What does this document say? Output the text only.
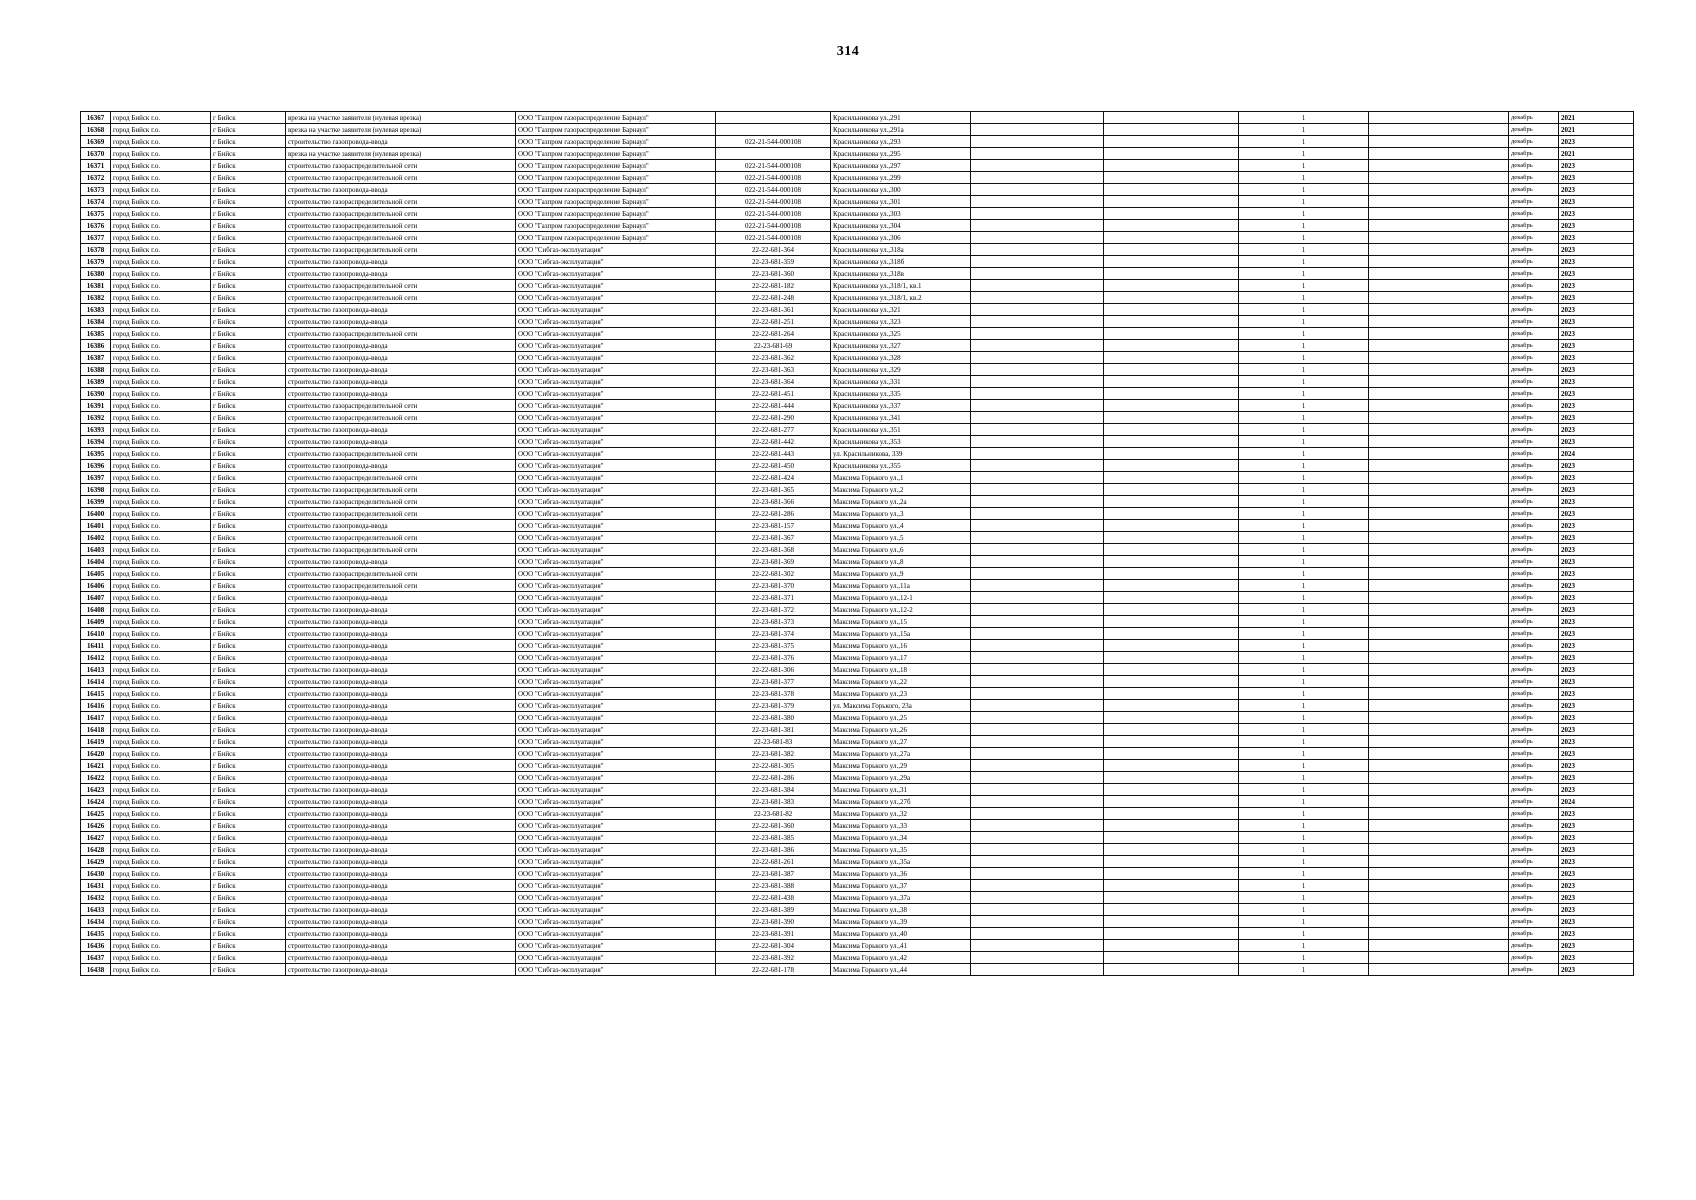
314
16367	город Бийск г.о.	г Бийск	врезка на участке заявителя (нулевая врезка)	ООО "Газпром газораспределение Барнаул"		Красильникова ул.,291			1		декабрь	2021
16368	город Бийск г.о.	г Бийск	врезка на участке заявителя (нулевая врезка)	ООО "Газпром газораспределение Барнаул"		Красильникова ул.,291а			1		декабрь	2021
16369	город Бийск г.о.	г Бийск	строительство газопровода-ввода	ООО "Газпром газораспределение Барнаул"	022-21-544-000108	Красильникова ул.,293			1		декабрь	2023
16370	город Бийск г.о.	г Бийск	врезка на участке заявителя (нулевая врезка)	ООО "Газпром газораспределение Барнаул"		Красильникова ул.,295			1		декабрь	2021
16371	город Бийск г.о.	г Бийск	строительство газораспределительной сети	ООО "Газпром газораспределение Барнаул"	022-21-544-000108	Красильникова ул.,297			1		декабрь	2023
16372	город Бийск г.о.	г Бийск	строительство газораспределительной сети	ООО "Газпром газораспределение Барнаул"	022-21-544-000108	Красильникова ул.,299			1		декабрь	2023
16373	город Бийск г.о.	г Бийск	строительство газопровода-ввода	ООО "Газпром газораспределение Барнаул"	022-21-544-000108	Красильникова ул.,300			1		декабрь	2023
16374	город Бийск г.о.	г Бийск	строительство газораспределительной сети	ООО "Газпром газораспределение Барнаул"	022-21-544-000108	Красильникова ул.,301			1		декабрь	2023
16375	город Бийск г.о.	г Бийск	строительство газораспределительной сети	ООО "Газпром газораспределение Барнаул"	022-21-544-000108	Красильникова ул.,303			1		декабрь	2023
16376	город Бийск г.о.	г Бийск	строительство газораспределительной сети	ООО "Газпром газораспределение Барнаул"	022-21-544-000108	Красильникова ул.,304			1		декабрь	2023
16377	город Бийск г.о.	г Бийск	строительство газораспределительной сети	ООО "Газпром газораспределение Барнаул"	022-21-544-000108	Красильникова ул.,306			1		декабрь	2023
16378	город Бийск г.о.	г Бийск	строительство газораспределительной сети	ООО "Сибгаз-эксплуатация"	22-22-681-364	Красильникова ул.,318а			1		декабрь	2023
16379	город Бийск г.о.	г Бийск	строительство газопровода-ввода	ООО "Сибгаз-эксплуатация"	22-23-681-359	Красильникова ул.,318б			1		декабрь	2023
16380	город Бийск г.о.	г Бийск	строительство газопровода-ввода	ООО "Сибгаз-эксплуатация"	22-23-681-360	Красильникова ул.,318в			1		декабрь	2023
16381	город Бийск г.о.	г Бийск	строительство газораспределительной сети	ООО "Сибгаз-эксплуатация"	22-22-681-182	Красильникова ул.,318/1, кв.1			1		декабрь	2023
16382	город Бийск г.о.	г Бийск	строительство газораспределительной сети	ООО "Сибгаз-эксплуатация"	22-22-681-248	Красильникова ул.,318/1, кв.2			1		декабрь	2023
16383	город Бийск г.о.	г Бийск	строительство газопровода-ввода	ООО "Сибгаз-эксплуатация"	22-23-681-361	Красильникова ул.,321			1		декабрь	2023
16384	город Бийск г.о.	г Бийск	строительство газопровода-ввода	ООО "Сибгаз-эксплуатация"	22-22-681-251	Красильникова ул.,323			1		декабрь	2023
16385	город Бийск г.о.	г Бийск	строительство газораспределительной сети	ООО "Сибгаз-эксплуатация"	22-22-681-264	Красильникова ул.,325			1		декабрь	2023
16386	город Бийск г.о.	г Бийск	строительство газопровода-ввода	ООО "Сибгаз-эксплуатация"	22-23-681-69	Красильникова ул.,327			1		декабрь	2023
16387	город Бийск г.о.	г Бийск	строительство газопровода-ввода	ООО "Сибгаз-эксплуатация"	22-23-681-362	Красильникова ул.,328			1		декабрь	2023
16388	город Бийск г.о.	г Бийск	строительство газопровода-ввода	ООО "Сибгаз-эксплуатация"	22-23-681-363	Красильникова ул.,329			1		декабрь	2023
16389	город Бийск г.о.	г Бийск	строительство газопровода-ввода	ООО "Сибгаз-эксплуатация"	22-23-681-364	Красильникова ул.,331			1		декабрь	2023
16390	город Бийск г.о.	г Бийск	строительство газопровода-ввода	ООО "Сибгаз-эксплуатация"	22-22-681-451	Красильникова ул.,335			1		декабрь	2023
16391	город Бийск г.о.	г Бийск	строительство газораспределительной сети	ООО "Сибгаз-эксплуатация"	22-22-681-444	Красильникова ул.,337			1		декабрь	2023
16392	город Бийск г.о.	г Бийск	строительство газораспределительной сети	ООО "Сибгаз-эксплуатация"	22-22-681-290	Красильникова ул.,341			1		декабрь	2023
16393	город Бийск г.о.	г Бийск	строительство газопровода-ввода	ООО "Сибгаз-эксплуатация"	22-22-681-277	Красильникова ул.,351			1		декабрь	2023
16394	город Бийск г.о.	г Бийск	строительство газопровода-ввода	ООО "Сибгаз-эксплуатация"	22-22-681-442	Красильникова ул.,353			1		декабрь	2023
16395	город Бийск г.о.	г Бийск	строительство газораспределительной сети	ООО "Сибгаз-эксплуатация"	22-22-681-443	ул. Красильникова, 339			1		декабрь	2024
16396	город Бийск г.о.	г Бийск	строительство газопровода-ввода	ООО "Сибгаз-эксплуатация"	22-22-681-450	Красильникова ул.,355			1		декабрь	2023
16397	город Бийск г.о.	г Бийск	строительство газораспределительной сети	ООО "Сибгаз-эксплуатация"	22-22-681-424	Максима Горького ул.,1			1		декабрь	2023
16398	город Бийск г.о.	г Бийск	строительство газораспределительной сети	ООО "Сибгаз-эксплуатация"	22-23-681-365	Максима Горького ул.,2			1		декабрь	2023
16399	город Бийск г.о.	г Бийск	строительство газораспределительной сети	ООО "Сибгаз-эксплуатация"	22-23-681-366	Максима Горького ул.,2а			1		декабрь	2023
16400	город Бийск г.о.	г Бийск	строительство газораспределительной сети	ООО "Сибгаз-эксплуатация"	22-22-681-286	Максима Горького ул.,3			1		декабрь	2023
16401	город Бийск г.о.	г Бийск	строительство газопровода-ввода	ООО "Сибгаз-эксплуатация"	22-23-681-157	Максима Горького ул.,4			1		декабрь	2023
16402	город Бийск г.о.	г Бийск	строительство газораспределительной сети	ООО "Сибгаз-эксплуатация"	22-23-681-367	Максима Горького ул.,5			1		декабрь	2023
16403	город Бийск г.о.	г Бийск	строительство газораспределительной сети	ООО "Сибгаз-эксплуатация"	22-23-681-368	Максима Горького ул.,6			1		декабрь	2023
16404	город Бийск г.о.	г Бийск	строительство газопровода-ввода	ООО "Сибгаз-эксплуатация"	22-23-681-369	Максима Горького ул.,8			1		декабрь	2023
16405	город Бийск г.о.	г Бийск	строительство газораспределительной сети	ООО "Сибгаз-эксплуатация"	22-22-681-302	Максима Горького ул.,9			1		декабрь	2023
16406	город Бийск г.о.	г Бийск	строительство газораспределительной сети	ООО "Сибгаз-эксплуатация"	22-23-681-370	Максима Горького ул.,11а			1		декабрь	2023
16407	город Бийск г.о.	г Бийск	строительство газопровода-ввода	ООО "Сибгаз-эксплуатация"	22-23-681-371	Максима Горького ул.,12-1			1		декабрь	2023
16408	город Бийск г.о.	г Бийск	строительство газопровода-ввода	ООО "Сибгаз-эксплуатация"	22-23-681-372	Максима Горького ул.,12-2			1		декабрь	2023
16409	город Бийск г.о.	г Бийск	строительство газопровода-ввода	ООО "Сибгаз-эксплуатация"	22-23-681-373	Максима Горького ул.,15			1		декабрь	2023
16410	город Бийск г.о.	г Бийск	строительство газопровода-ввода	ООО "Сибгаз-эксплуатация"	22-23-681-374	Максима Горького ул.,15а			1		декабрь	2023
16411	город Бийск г.о.	г Бийск	строительство газопровода-ввода	ООО "Сибгаз-эксплуатация"	22-23-681-375	Максима Горького ул.,16			1		декабрь	2023
16412	город Бийск г.о.	г Бийск	строительство газопровода-ввода	ООО "Сибгаз-эксплуатация"	22-23-681-376	Максима Горького ул.,17			1		декабрь	2023
16413	город Бийск г.о.	г Бийск	строительство газопровода-ввода	ООО "Сибгаз-эксплуатация"	22-22-681-306	Максима Горького ул.,18			1		декабрь	2023
16414	город Бийск г.о.	г Бийск	строительство газопровода-ввода	ООО "Сибгаз-эксплуатация"	22-23-681-377	Максима Горького ул.,22			1		декабрь	2023
16415	город Бийск г.о.	г Бийск	строительство газопровода-ввода	ООО "Сибгаз-эксплуатация"	22-23-681-378	Максима Горького ул.,23			1		декабрь	2023
16416	город Бийск г.о.	г Бийск	строительство газопровода-ввода	ООО "Сибгаз-эксплуатация"	22-23-681-379	ул. Максима Горького, 23а			1		декабрь	2023
16417	город Бийск г.о.	г Бийск	строительство газопровода-ввода	ООО "Сибгаз-эксплуатация"	22-23-681-380	Максима Горького ул.,25			1		декабрь	2023
16418	город Бийск г.о.	г Бийск	строительство газопровода-ввода	ООО "Сибгаз-эксплуатация"	22-23-681-381	Максима Горького ул.,26			1		декабрь	2023
16419	город Бийск г.о.	г Бийск	строительство газопровода-ввода	ООО "Сибгаз-эксплуатация"	22-23-681-83	Максима Горького ул.,27			1		декабрь	2023
16420	город Бийск г.о.	г Бийск	строительство газопровода-ввода	ООО "Сибгаз-эксплуатация"	22-23-681-382	Максима Горького ул.,27а			1		декабрь	2023
16421	город Бийск г.о.	г Бийск	строительство газопровода-ввода	ООО "Сибгаз-эксплуатация"	22-22-681-305	Максима Горького ул.,29			1		декабрь	2023
16422	город Бийск г.о.	г Бийск	строительство газопровода-ввода	ООО "Сибгаз-эксплуатация"	22-22-681-286	Максима Горького ул.,29а			1		декабрь	2023
16423	город Бийск г.о.	г Бийск	строительство газопровода-ввода	ООО "Сибгаз-эксплуатация"	22-23-681-384	Максима Горького ул.,31			1		декабрь	2023
16424	город Бийск г.о.	г Бийск	строительство газопровода-ввода	ООО "Сибгаз-эксплуатация"	22-23-681-383	Максима Горького ул.,27б			1		декабрь	2024
16425	город Бийск г.о.	г Бийск	строительство газопровода-ввода	ООО "Сибгаз-эксплуатация"	22-23-681-82	Максима Горького ул.,32			1		декабрь	2023
16426	город Бийск г.о.	г Бийск	строительство газопровода-ввода	ООО "Сибгаз-эксплуатация"	22-22-681-360	Максима Горького ул.,33			1		декабрь	2023
16427	город Бийск г.о.	г Бийск	строительство газопровода-ввода	ООО "Сибгаз-эксплуатация"	22-23-681-385	Максима Горького ул.,34			1		декабрь	2023
16428	город Бийск г.о.	г Бийск	строительство газопровода-ввода	ООО "Сибгаз-эксплуатация"	22-23-681-386	Максима Горького ул.,35			1		декабрь	2023
16429	город Бийск г.о.	г Бийск	строительство газопровода-ввода	ООО "Сибгаз-эксплуатация"	22-22-681-261	Максима Горького ул.,35а			1		декабрь	2023
16430	город Бийск г.о.	г Бийск	строительство газопровода-ввода	ООО "Сибгаз-эксплуатация"	22-23-681-387	Максима Горького ул.,36			1		декабрь	2023
16431	город Бийск г.о.	г Бийск	строительство газопровода-ввода	ООО "Сибгаз-эксплуатация"	22-23-681-388	Максима Горького ул.,37			1		декабрь	2023
16432	город Бийск г.о.	г Бийск	строительство газопровода-ввода	ООО "Сибгаз-эксплуатация"	22-22-681-438	Максима Горького ул.,37а			1		декабрь	2023
16433	город Бийск г.о.	г Бийск	строительство газопровода-ввода	ООО "Сибгаз-эксплуатация"	22-23-681-389	Максима Горького ул.,38			1		декабрь	2023
16434	город Бийск г.о.	г Бийск	строительство газопровода-ввода	ООО "Сибгаз-эксплуатация"	22-23-681-390	Максима Горького ул.,39			1		декабрь	2023
16435	город Бийск г.о.	г Бийск	строительство газопровода-ввода	ООО "Сибгаз-эксплуатация"	22-23-681-391	Максима Горького ул.,40			1		декабрь	2023
16436	город Бийск г.о.	г Бийск	строительство газопровода-ввода	ООО "Сибгаз-эксплуатация"	22-22-681-304	Максима Горького ул.,41			1		декабрь	2023
16437	город Бийск г.о.	г Бийск	строительство газопровода-ввода	ООО "Сибгаз-эксплуатация"	22-23-681-392	Максима Горького ул.,42			1		декабрь	2023
16438	город Бийск г.о.	г Бийск	строительство газопровода-ввода	ООО "Сибгаз-эксплуатация"	22-22-681-178	Максима Горького ул.,44			1		декабрь	2023
